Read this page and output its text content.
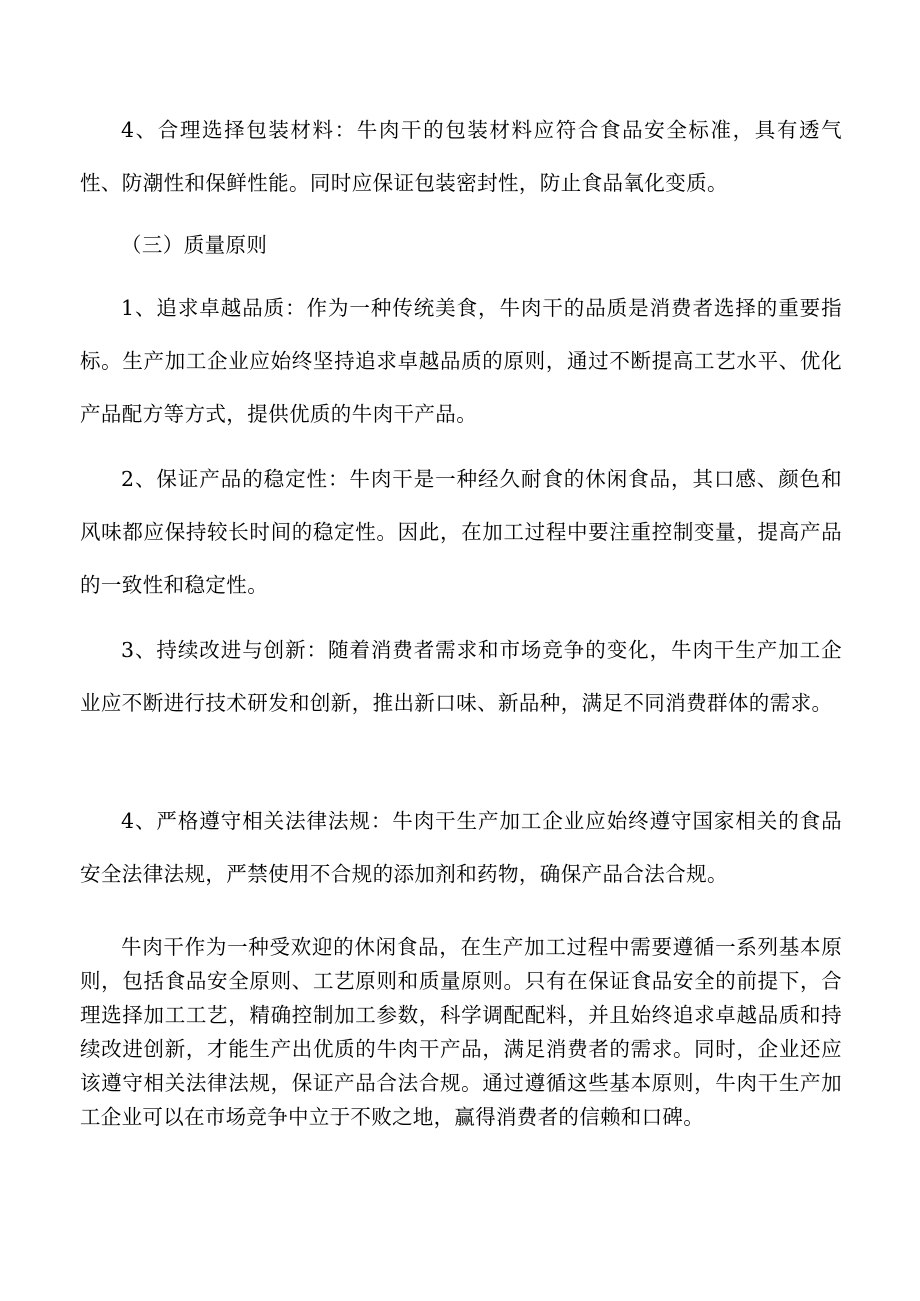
4、合理选择包装材料：牛肉干的包装材料应符合食品安全标准，具有透气性、防潮性和保鲜性能。同时应保证包装密封性，防止食品氧化变质。

（三）质量原则

1、追求卓越品质：作为一种传统美食，牛肉干的品质是消费者选择的重要指标。生产加工企业应始终坚持追求卓越品质的原则，通过不断提高工艺水平、优化产品配方等方式，提供优质的牛肉干产品。

2、保证产品的稳定性：牛肉干是一种经久耐食的休闲食品，其口感、颜色和风味都应保持较长时间的稳定性。因此，在加工过程中要注重控制变量，提高产品的一致性和稳定性。

3、持续改进与创新：随着消费者需求和市场竞争的变化，牛肉干生产加工企业应不断进行技术研发和创新，推出新口味、新品种，满足不同消费群体的需求。

4、严格遵守相关法律法规：牛肉干生产加工企业应始终遵守国家相关的食品安全法律法规，严禁使用不合规的添加剂和药物，确保产品合法合规。

牛肉干作为一种受欢迎的休闲食品，在生产加工过程中需要遵循一系列基本原则，包括食品安全原则、工艺原则和质量原则。只有在保证食品安全的前提下，合理选择加工工艺，精确控制加工参数，科学调配配料，并且始终追求卓越品质和持续改进创新，才能生产出优质的牛肉干产品，满足消费者的需求。同时，企业还应该遵守相关法律法规，保证产品合法合规。通过遵循这些基本原则，牛肉干生产加工企业可以在市场竞争中立于不败之地，赢得消费者的信赖和口碑。
